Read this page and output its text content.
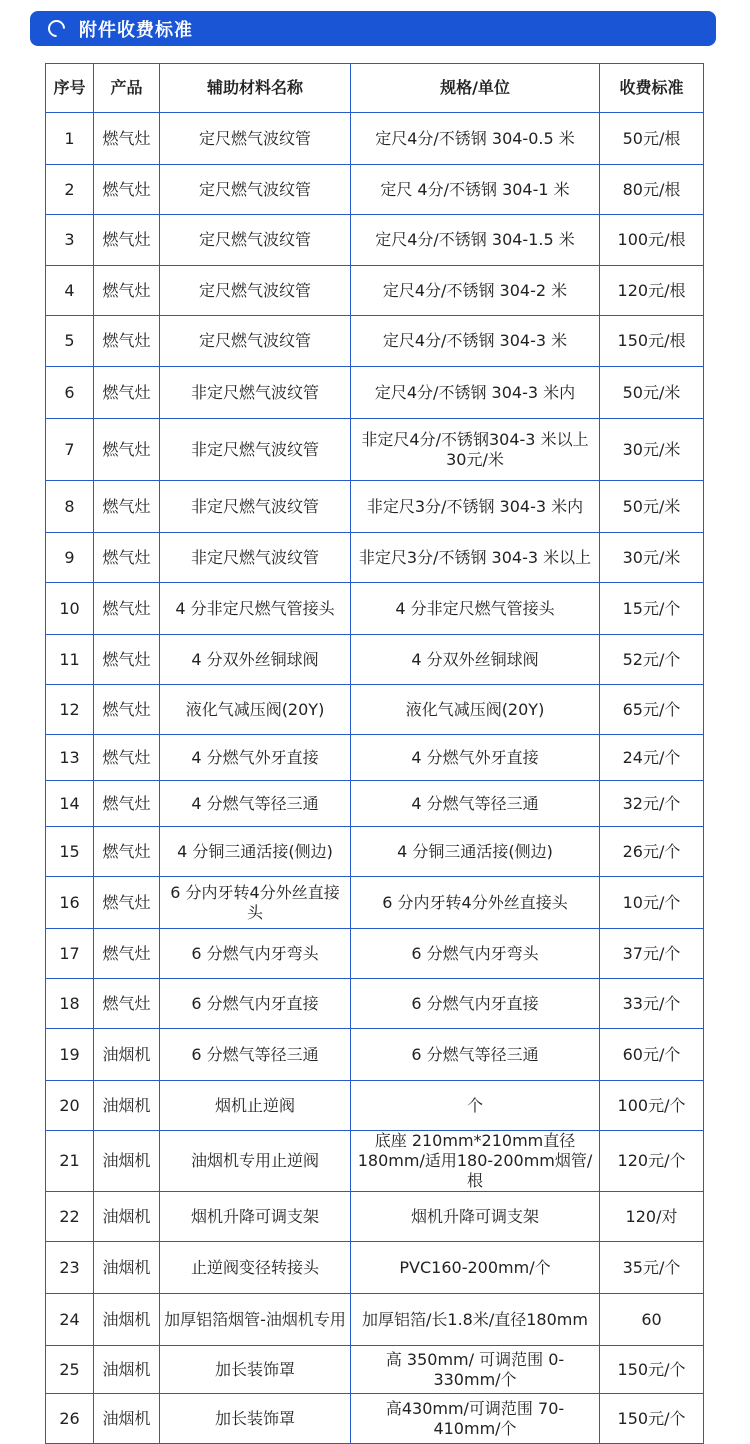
附件收费标准
序号	产品	辅助材料名称	规格/单位	收费标准
1	燃气灶	定尺燃气波纹管	定尺4分/不锈钢 304-0.5 米	50元/根
2	燃气灶	定尺燃气波纹管	定尺 4分/不锈钢 304-1 米	80元/根
3	燃气灶	定尺燃气波纹管	定尺4分/不锈钢 304-1.5 米	100元/根
4	燃气灶	定尺燃气波纹管	定尺4分/不锈钢 304-2 米	120元/根
5	燃气灶	定尺燃气波纹管	定尺4分/不锈钢 304-3 米	150元/根
6	燃气灶	非定尺燃气波纹管	定尺4分/不锈钢 304-3 米内	50元/米
7	燃气灶	非定尺燃气波纹管	非定尺4分/不锈钢304-3 米以上30元/米	30元/米
8	燃气灶	非定尺燃气波纹管	非定尺3分/不锈钢 304-3 米内	50元/米
9	燃气灶	非定尺燃气波纹管	非定尺3分/不锈钢 304-3 米以上	30元/米
10	燃气灶	4 分非定尺燃气管接头	4 分非定尺燃气管接头	15元/个
11	燃气灶	4 分双外丝铜球阀	4 分双外丝铜球阀	52元/个
12	燃气灶	液化气减压阀(20Y)	液化气减压阀(20Y)	65元/个
13	燃气灶	4 分燃气外牙直接	4 分燃气外牙直接	24元/个
14	燃气灶	4 分燃气等径三通	4 分燃气等径三通	32元/个
15	燃气灶	4 分铜三通活接(侧边)	4 分铜三通活接(侧边)	26元/个
16	燃气灶	6 分内牙转4分外丝直接头	6 分内牙转4分外丝直接头	10元/个
17	燃气灶	6 分燃气内牙弯头	6 分燃气内牙弯头	37元/个
18	燃气灶	6 分燃气内牙直接	6 分燃气内牙直接	33元/个
19	油烟机	6 分燃气等径三通	6 分燃气等径三通	60元/个
20	油烟机	烟机止逆阀	个	100元/个
21	油烟机	油烟机专用止逆阀	底座 210mm*210mm直径180mm/适用180-200mm烟管/根	120元/个
22	油烟机	烟机升降可调支架	烟机升降可调支架	120/对
23	油烟机	止逆阀变径转接头	PVC160-200mm/个	35元/个
24	油烟机	加厚铝箔烟管-油烟机专用	加厚铝箔/长1.8米/直径180mm	60
25	油烟机	加长装饰罩	高 350mm/ 可调范围 0-330mm/个	150元/个
26	油烟机	加长装饰罩	高430mm/可调范围 70-410mm/个	150元/个
